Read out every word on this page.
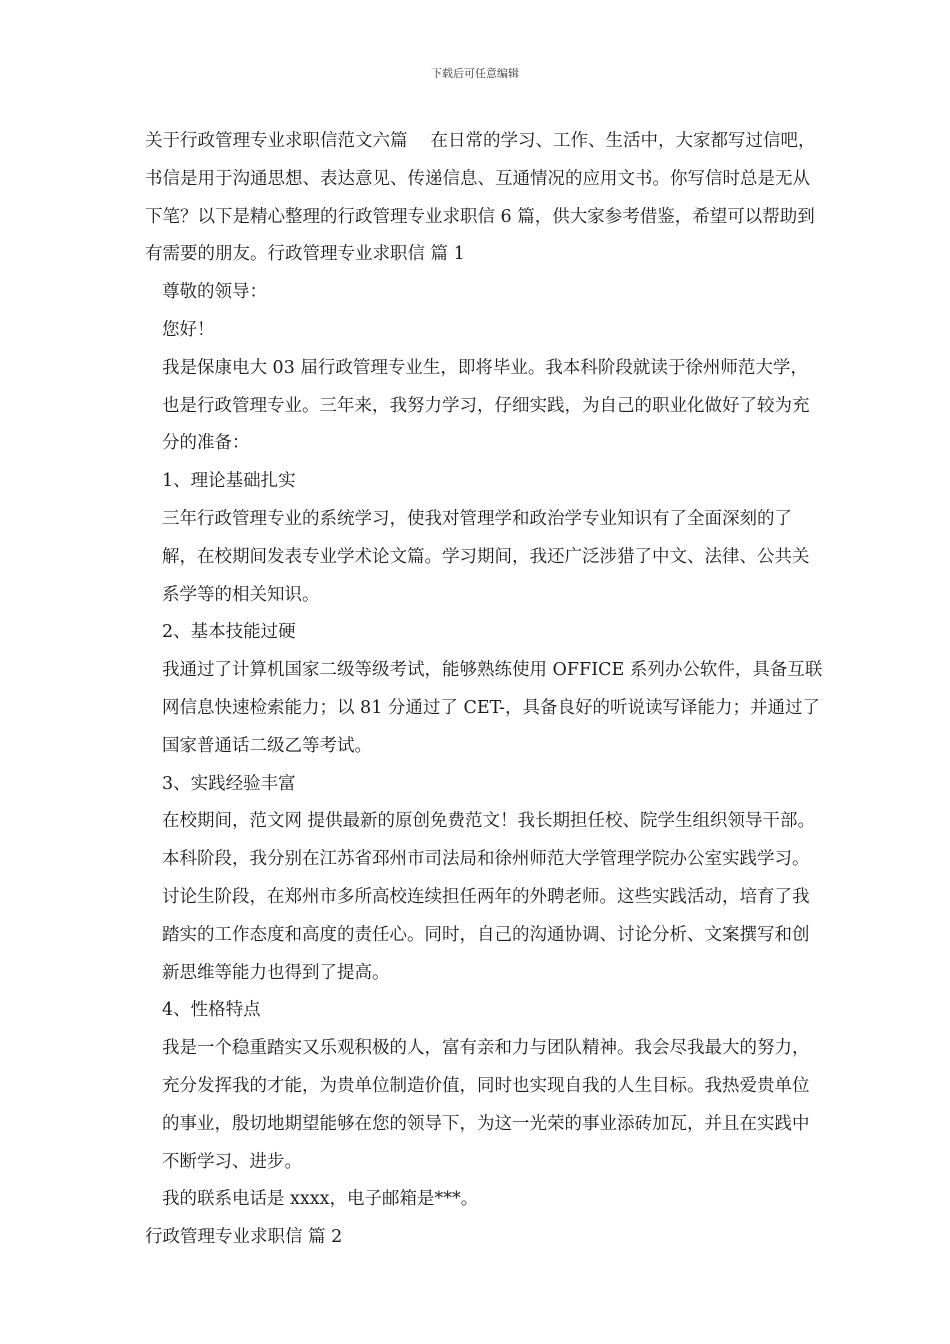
下载后可任意编辑

关于行政管理专业求职信范文六篇　 在日常的学习、工作、生活中，大家都写过信吧，书信是用于沟通思想、表达意见、传递信息、互通情况的应用文书。你写信时总是无从下笔？以下是精心整理的行政管理专业求职信 6 篇，供大家参考借鉴，希望可以帮助到有需要的朋友。行政管理专业求职信 篇 1

尊敬的领导：

您好！

我是保康电大 03 届行政管理专业生，即将毕业。我本科阶段就读于徐州师范大学，也是行政管理专业。三年来，我努力学习，仔细实践，为自己的职业化做好了较为充分的准备：

1、理论基础扎实

三年行政管理专业的系统学习，使我对管理学和政治学专业知识有了全面深刻的了解，在校期间发表专业学术论文篇。学习期间，我还广泛涉猎了中文、法律、公共关系学等的相关知识。

2、基本技能过硬

我通过了计算机国家二级等级考试，能够熟练使用 OFFICE 系列办公软件，具备互联网信息快速检索能力；以 81 分通过了 CET-，具备良好的听说读写译能力；并通过了国家普通话二级乙等考试。

3、实践经验丰富

在校期间，范文网 提供最新的原创免费范文！我长期担任校、院学生组织领导干部。本科阶段，我分别在江苏省邳州市司法局和徐州师范大学管理学院办公室实践学习。讨论生阶段，在郑州市多所高校连续担任两年的外聘老师。这些实践活动，培育了我踏实的工作态度和高度的责任心。同时，自己的沟通协调、讨论分析、文案撰写和创新思维等能力也得到了提高。

4、性格特点

我是一个稳重踏实又乐观积极的人，富有亲和力与团队精神。我会尽我最大的努力，充分发挥我的才能，为贵单位制造价值，同时也实现自我的人生目标。我热爱贵单位的事业，殷切地期望能够在您的领导下，为这一光荣的事业添砖加瓦，并且在实践中不断学习、进步。

我的联系电话是 xxxx，电子邮箱是***。

行政管理专业求职信 篇 2
